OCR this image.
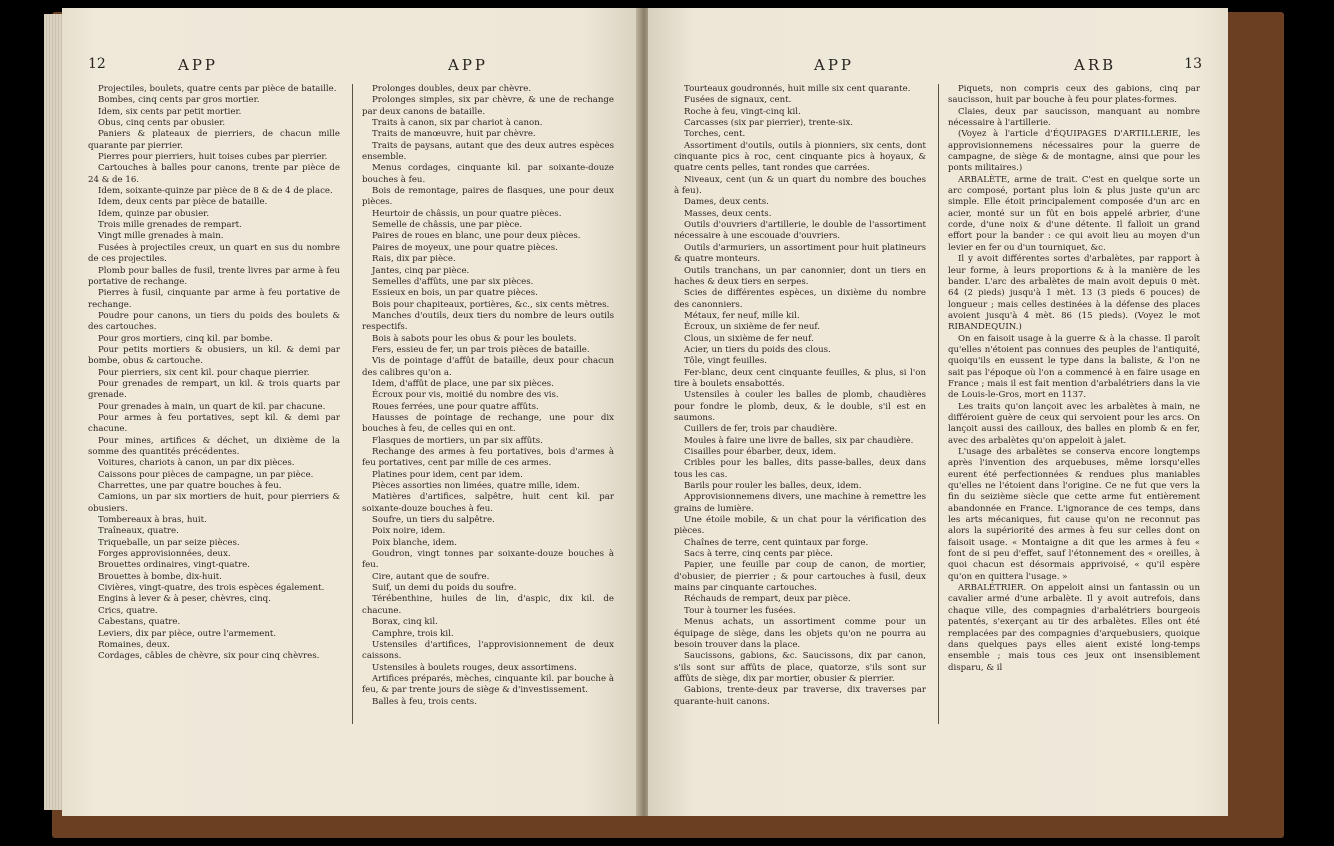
12	APP	APP

Projectiles, boulets, quatre cents par pièce de bataille.

Bombes, cinq cents par gros mortier.

Idem, six cents par petit mortier.

Obus, cinq cents par obusier.

Paniers & plateaux de pierriers, de chacun mille quarante par pierrier.

Pierres pour pierriers, huit toises cubes par pierrier.

Cartouches à balles pour canons, trente par pièce de 24 & de 16.

Idem, soixante-quinze par pièce de 8 & de 4 de place.

Idem, deux cents par pièce de bataille.

Idem, quinze par obusier.

Trois mille grenades de rempart.

Vingt mille grenades à main.

Fusées à projectiles creux, un quart en sus du nombre de ces projectiles.

Plomb pour balles de fusil, trente livres par arme à feu portative de rechange.

Pierres à fusil, cinquante par arme à feu portative de rechange.

Poudre pour canons, un tiers du poids des boulets & des cartouches.

Pour gros mortiers, cinq kil. par bombe.

Pour petits mortiers & obusiers, un kil. & demi par bombe, obus & cartouche.

Pour pierriers, six cent kil. pour chaque pierrier.

Pour grenades de rempart, un kil. & trois quarts par grenade.

Pour grenades à main, un quart de kil. par chacune.

Pour armes à feu portatives, sept kil. & demi par chacune.

Pour mines, artifices & déchet, un dixième de la somme des quantités précédentes.

Voitures, chariots à canon, un par dix pièces.

Caissons pour pièces de campagne, un par pièce.

Charrettes, une par quatre bouches à feu.

Camions, un par six mortiers de huit, pour pierriers & obusiers.

Tombereaux à bras, huit.

Traîneaux, quatre.

Triqueballe, un par seize pièces.

Forges approvisionnées, deux.

Brouettes ordinaires, vingt-quatre.

Brouettes à bombe, dix-huit.

Civières, vingt-quatre, des trois espèces également.

Engins à lever & à peser, chèvres, cinq.

Crics, quatre.

Cabestans, quatre.

Leviers, dix par pièce, outre l'armement.

Romaines, deux.

Cordages, câbles de chèvre, six pour cinq chèvres.

Prolonges doubles, deux par chèvre.

Prolonges simples, six par chèvre, & une de rechange par deux canons de bataille.

Traits à canon, six par chariot à canon.

Traits de manœuvre, huit par chèvre.

Traits de paysans, autant que des deux autres espèces ensemble.

Menus cordages, cinquante kil. par soixante-douze bouches à feu.

Bois de remontage, paires de flasques, une pour deux pièces.

Heurtoir de châssis, un pour quatre pièces.

Semelle de châssis, une par pièce.

Paires de roues en blanc, une pour deux pièces.

Paires de moyeux, une pour quatre pièces.

Rais, dix par pièce.

Jantes, cinq par pièce.

Semelles d'affûts, une par six pièces.

Essieux en bois, un par quatre pièces.

Bois pour chapiteaux, portières, &c., six cents mètres.

Manches d'outils, deux tiers du nombre de leurs outils respectifs.

Bois à sabots pour les obus & pour les boulets.

Fers, essieu de fer, un par trois pièces de bataille.

Vis de pointage d'affût de bataille, deux pour chacun des calibres qu'on a.

Idem, d'affût de place, une par six pièces.

Écroux pour vis, moitié du nombre des vis.

Roues ferrées, une pour quatre affûts.

Hausses de pointage de rechange, une pour dix bouches à feu, de celles qui en ont.

Flasques de mortiers, un par six affûts.

Rechange des armes à feu portatives, bois d'armes à feu portatives, cent par mille de ces armes.

Platines pour idem, cent par idem.

Pièces assorties non limées, quatre mille, idem.

Matières d'artifices, salpêtre, huit cent kil. par soixante-douze bouches à feu.

Soufre, un tiers du salpêtre.

Poix noire, idem.

Poix blanche, idem.

Goudron, vingt tonnes par soixante-douze bouches à feu.

Cire, autant que de soufre.

Suif, un demi du poids du soufre.

Térébenthine, huiles de lin, d'aspic, dix kil. de chacune.

Borax, cinq kil.

Camphre, trois kil.

Ustensiles d'artifices, l'approvisionnement de deux caissons.

Ustensiles à boulets rouges, deux assortimens.

Artifices préparés, mèches, cinquante kil. par bouche à feu, & par trente jours de siège & d'investissement.

Balles à feu, trois cents.

APP	ARB	13

Tourteaux goudronnés, huit mille six cent quarante.

Fusées de signaux, cent.

Roche à feu, vingt-cinq kil.

Carcasses (six par pierrier), trente-six.

Torches, cent.

Assortiment d'outils, outils à pionniers, six cents, dont cinquante pics à roc, cent cinquante pics à hoyaux, & quatre cents pelles, tant rondes que carrées.

Niveaux, cent (un & un quart du nombre des bouches à feu).

Dames, deux cents.

Masses, deux cents.

Outils d'ouvriers d'artillerie, le double de l'assortiment nécessaire à une escouade d'ouvriers.

Outils d'armuriers, un assortiment pour huit platineurs & quatre monteurs.

Outils tranchans, un par canonnier, dont un tiers en haches & deux tiers en serpes.

Scies de différentes espèces, un dixième du nombre des canonniers.

Métaux, fer neuf, mille kil.

Écroux, un sixième de fer neuf.

Clous, un sixième de fer neuf.

Acier, un tiers du poids des clous.

Tôle, vingt feuilles.

Fer-blanc, deux cent cinquante feuilles, & plus, si l'on tire à boulets ensabottés.

Ustensiles à couler les balles de plomb, chaudières pour fondre le plomb, deux, & le double, s'il est en saumons.

Cuillers de fer, trois par chaudière.

Moules à faire une livre de balles, six par chaudière.

Cisailles pour ébarber, deux, idem.

Cribles pour les balles, dits passe-balles, deux dans tous les cas.

Barils pour rouler les balles, deux, idem.

Approvisionnemens divers, une machine à remettre les grains de lumière.

Une étoile mobile, & un chat pour la vérification des pièces.

Chaînes de terre, cent quintaux par forge.

Sacs à terre, cinq cents par pièce.

Papier, une feuille par coup de canon, de mortier, d'obusier, de pierrier ; & pour cartouches à fusil, deux mains par cinquante cartouches.

Réchauds de rempart, deux par pièce.

Tour à tourner les fusées.

Menus achats, un assortiment comme pour un équipage de siège, dans les objets qu'on ne pourra au besoin trouver dans la place.

Saucissons, gabions, &c. Saucissons, dix par canon, s'ils sont sur affûts de place, quatorze, s'ils sont sur affûts de siège, dix par mortier, obusier & pierrier.

Gabions, trente-deux par traverse, dix traverses par quarante-huit canons.

Piquets, non compris ceux des gabions, cinq par saucisson, huit par bouche à feu pour plates-formes.

Claies, deux par saucisson, manquant au nombre nécessaire à l'artillerie.

(Voyez à l'article d'ÉQUIPAGES D'ARTILLERIE, les approvisionnemens nécessaires pour la guerre de campagne, de siège & de montagne, ainsi que pour les ponts militaires.)

ARBALÈTE, arme de trait. C'est en quelque sorte un arc composé, portant plus loin & plus juste qu'un arc simple. Elle étoit principalement composée d'un arc en acier, monté sur un fût en bois appelé arbrier, d'une corde, d'une noix & d'une détente. Il falloit un grand effort pour la bander : ce qui avoit lieu au moyen d'un levier en fer ou d'un tourniquet, &c.

Il y avoit différentes sortes d'arbalètes, par rapport à leur forme, à leurs proportions & à la manière de les bander. L'arc des arbalètes de main avoit depuis 0 mèt. 64 (2 pieds) jusqu'à 1 mèt. 13 (3 pieds 6 pouces) de longueur ; mais celles destinées à la défense des places avoient jusqu'à 4 mèt. 86 (15 pieds). (Voyez le mot RIBANDEQUIN.)

On en faisoit usage à la guerre & à la chasse. Il paroît qu'elles n'étoient pas connues des peuples de l'antiquité, quoiqu'ils en eussent le type dans la baliste, & l'on ne sait pas l'époque où l'on a commencé à en faire usage en France ; mais il est fait mention d'arbalétriers dans la vie de Louis-le-Gros, mort en 1137.

Les traits qu'on lançoit avec les arbalètes à main, ne différoient guère de ceux qui servoient pour les arcs. On lançoit aussi des cailloux, des balles en plomb & en fer, avec des arbalètes qu'on appeloit à jalet.

L'usage des arbalètes se conserva encore longtemps après l'invention des arquebuses, même lorsqu'elles eurent été perfectionnées & rendues plus maniables qu'elles ne l'étoient dans l'origine. Ce ne fut que vers la fin du seizième siècle que cette arme fut entièrement abandonnée en France. L'ignorance de ces temps, dans les arts mécaniques, fut cause qu'on ne reconnut pas alors la supériorité des armes à feu sur celles dont on faisoit usage. « Montaigne a dit que les armes à feu « font de si peu d'effet, sauf l'étonnement des « oreilles, à quoi chacun est désormais apprivoisé, « qu'il espère qu'on en quittera l'usage. »

ARBALÉTRIER. On appeloit ainsi un fantassin ou un cavalier armé d'une arbalète. Il y avoit autrefois, dans chaque ville, des compagnies d'arbalétriers bourgeois patentés, s'exerçant au tir des arbalètes. Elles ont été remplacées par des compagnies d'arquebusiers, quoique dans quelques pays elles aient existé long-temps ensemble ; mais tous ces jeux ont insensiblement disparu, & il
